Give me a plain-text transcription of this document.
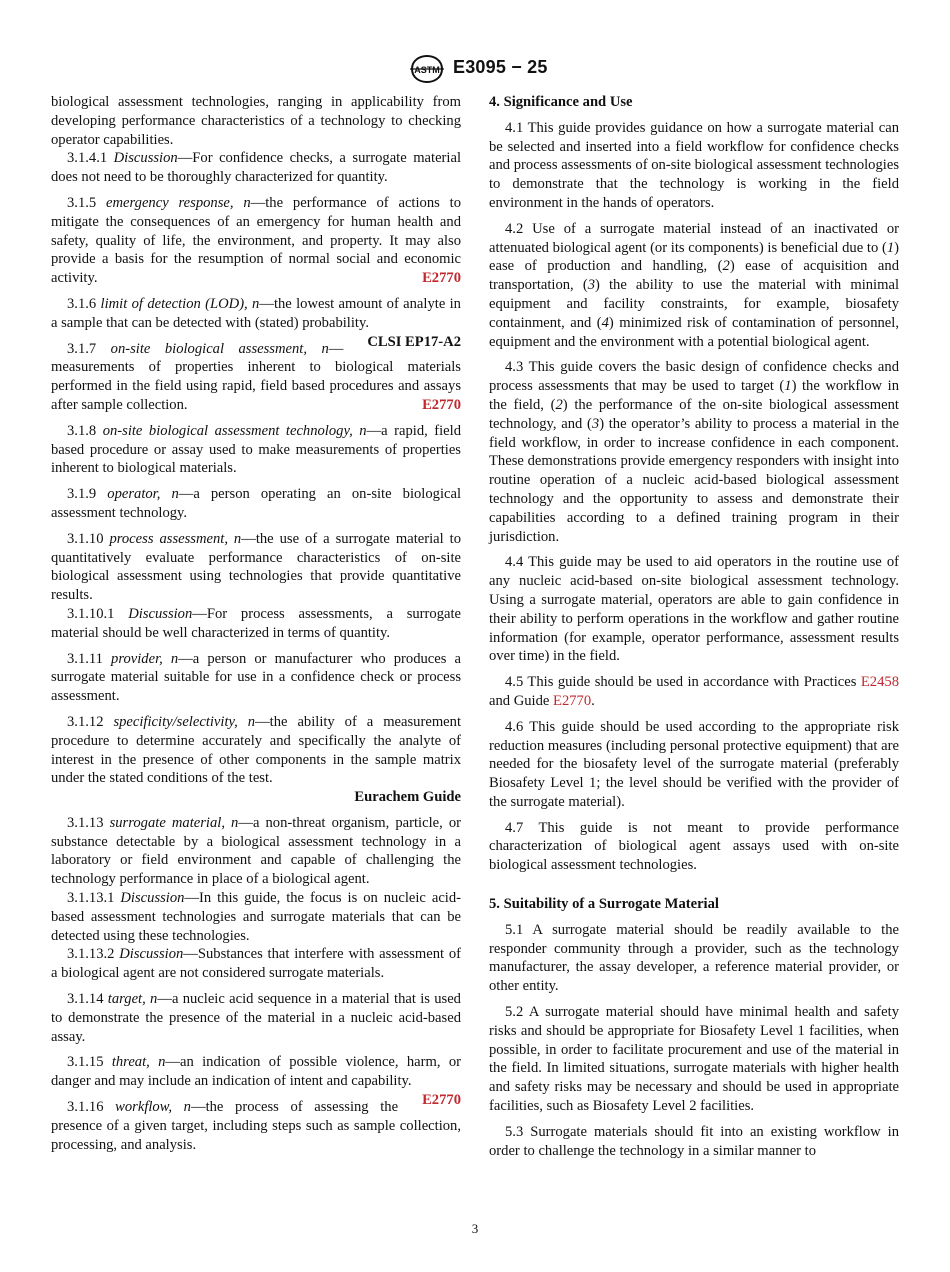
ASTM E3095 − 25

biological assessment technologies, ranging in applicability from developing performance characteristics of a technology to checking operator capabilities.

3.1.4.1 Discussion—For confidence checks, a surrogate material does not need to be thoroughly characterized for quantity.

3.1.5 emergency response, n—the performance of actions to mitigate the consequences of an emergency for human health and safety, quality of life, the environment, and property. It may also provide a basis for the resumption of normal social and economic activity.	E2770

3.1.6 limit of detection (LOD), n—the lowest amount of analyte in a sample that can be detected with (stated) probability.
CLSI EP17-A2

3.1.7 on-site biological assessment, n—measurements of properties inherent to biological materials performed in the field using rapid, field based procedures and assays after sample collection.	E2770

3.1.8 on-site biological assessment technology, n—a rapid, field based procedure or assay used to make measurements of properties inherent to biological materials.

3.1.9 operator, n—a person operating an on-site biological assessment technology.

3.1.10 process assessment, n—the use of a surrogate material to quantitatively evaluate performance characteristics of on-site biological assessment using technologies that provide quantitative results.

3.1.10.1 Discussion—For process assessments, a surrogate material should be well characterized in terms of quantity.

3.1.11 provider, n—a person or manufacturer who produces a surrogate material suitable for use in a confidence check or process assessment.

3.1.12 specificity/selectivity, n—the ability of a measurement procedure to determine accurately and specifically the analyte of interest in the presence of other components in the sample matrix under the stated conditions of the test.

Eurachem Guide

3.1.13 surrogate material, n—a non-threat organism, particle, or substance detectable by a biological assessment technology in a laboratory or field environment and capable of challenging the technology performance in place of a biological agent.

3.1.13.1 Discussion—In this guide, the focus is on nucleic acid-based assessment technologies and surrogate materials that can be detected using these technologies.

3.1.13.2 Discussion—Substances that interfere with assessment of a biological agent are not considered surrogate materials.

3.1.14 target, n—a nucleic acid sequence in a material that is used to demonstrate the presence of the material in a nucleic acid-based assay.

3.1.15 threat, n—an indication of possible violence, harm, or danger and may include an indication of intent and capability.
E2770

3.1.16 workflow, n—the process of assessing the presence of a given target, including steps such as sample collection, processing, and analysis.

4. Significance and Use

4.1 This guide provides guidance on how a surrogate material can be selected and inserted into a field workflow for confidence checks and process assessments of on-site biological assessment technologies to demonstrate that the technology is working in the field environment in the hands of operators.

4.2 Use of a surrogate material instead of an inactivated or attenuated biological agent (or its components) is beneficial due to (1) ease of production and handling, (2) ease of acquisition and transportation, (3) the ability to use the material with minimal equipment and facility constraints, for example, biosafety containment, and (4) minimized risk of contamination of personnel, equipment and the environment with a potential biological agent.

4.3 This guide covers the basic design of confidence checks and process assessments that may be used to target (1) the workflow in the field, (2) the performance of the on-site biological assessment technology, and (3) the operator’s ability to process a material in the field workflow, in order to increase confidence in each component. These demonstrations provide emergency responders with insight into routine operation of a nucleic acid-based biological assessment technology and the opportunity to assess and demonstrate their capabilities according to a defined training program in their jurisdiction.

4.4 This guide may be used to aid operators in the routine use of any nucleic acid-based on-site biological assessment technology. Using a surrogate material, operators are able to gain confidence in their ability to perform operations in the workflow and gather routine information (for example, operator performance, assessment results over time) in the field.

4.5 This guide should be used in accordance with Practices E2458 and Guide E2770.

4.6 This guide should be used according to the appropriate risk reduction measures (including personal protective equipment) that are needed for the biosafety level of the surrogate material (preferably Biosafety Level 1; the level should be verified with the provider of the surrogate material).

4.7 This guide is not meant to provide performance characterization of biological agent assays used with on-site biological assessment technologies.

5. Suitability of a Surrogate Material

5.1 A surrogate material should be readily available to the responder community through a provider, such as the technology manufacturer, the assay developer, a reference material provider, or other entity.

5.2 A surrogate material should have minimal health and safety risks and should be appropriate for Biosafety Level 1 facilities, when possible, in order to facilitate procurement and use of the material in the field. In limited situations, surrogate materials with higher health and safety risks may be necessary and should be used in appropriate facilities, such as Biosafety Level 2 facilities.

5.3 Surrogate materials should fit into an existing workflow in order to challenge the technology in a similar manner to

3
